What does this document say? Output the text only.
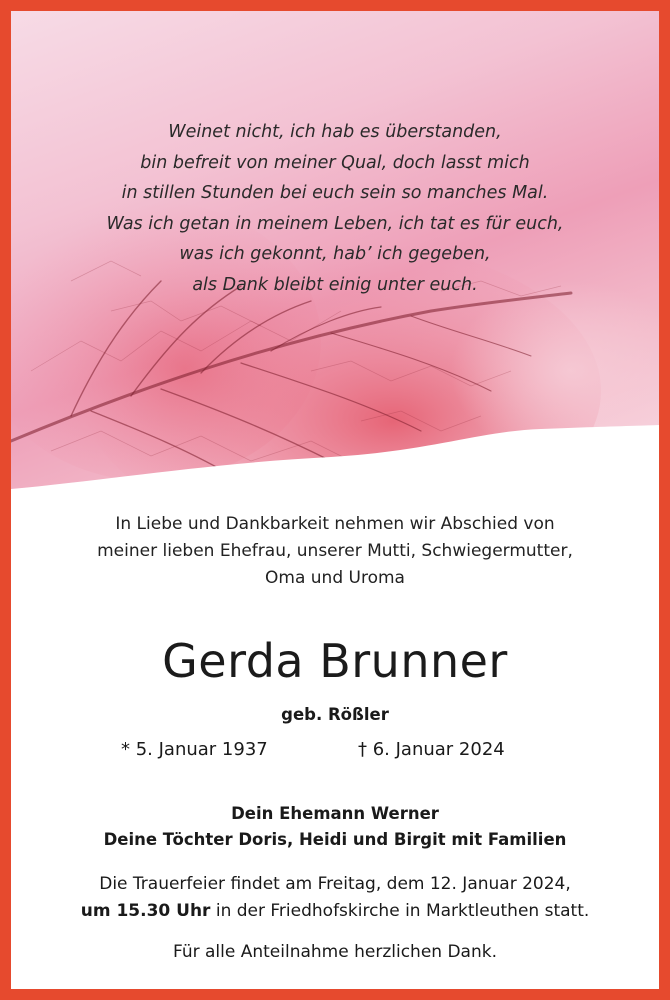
Weinet nicht, ich hab es überstanden,
bin befreit von meiner Qual, doch lasst mich
in stillen Stunden bei euch sein so manches Mal.
Was ich getan in meinem Leben, ich tat es für euch,
was ich gekonnt, hab’ ich gegeben,
als Dank bleibt einig unter euch.
In Liebe und Dankbarkeit nehmen wir Abschied von
meiner lieben Ehefrau, unserer Mutti, Schwiegermutter,
Oma und Uroma
Gerda Brunner
geb. Rößler
* 5. Januar 1937	† 6. Januar 2024
Dein Ehemann Werner
Deine Töchter Doris, Heidi und Birgit mit Familien
Die Trauerfeier findet am Freitag, dem 12. Januar 2024,
um 15.30 Uhr in der Friedhofskirche in Marktleuthen statt.
Für alle Anteilnahme herzlichen Dank.
